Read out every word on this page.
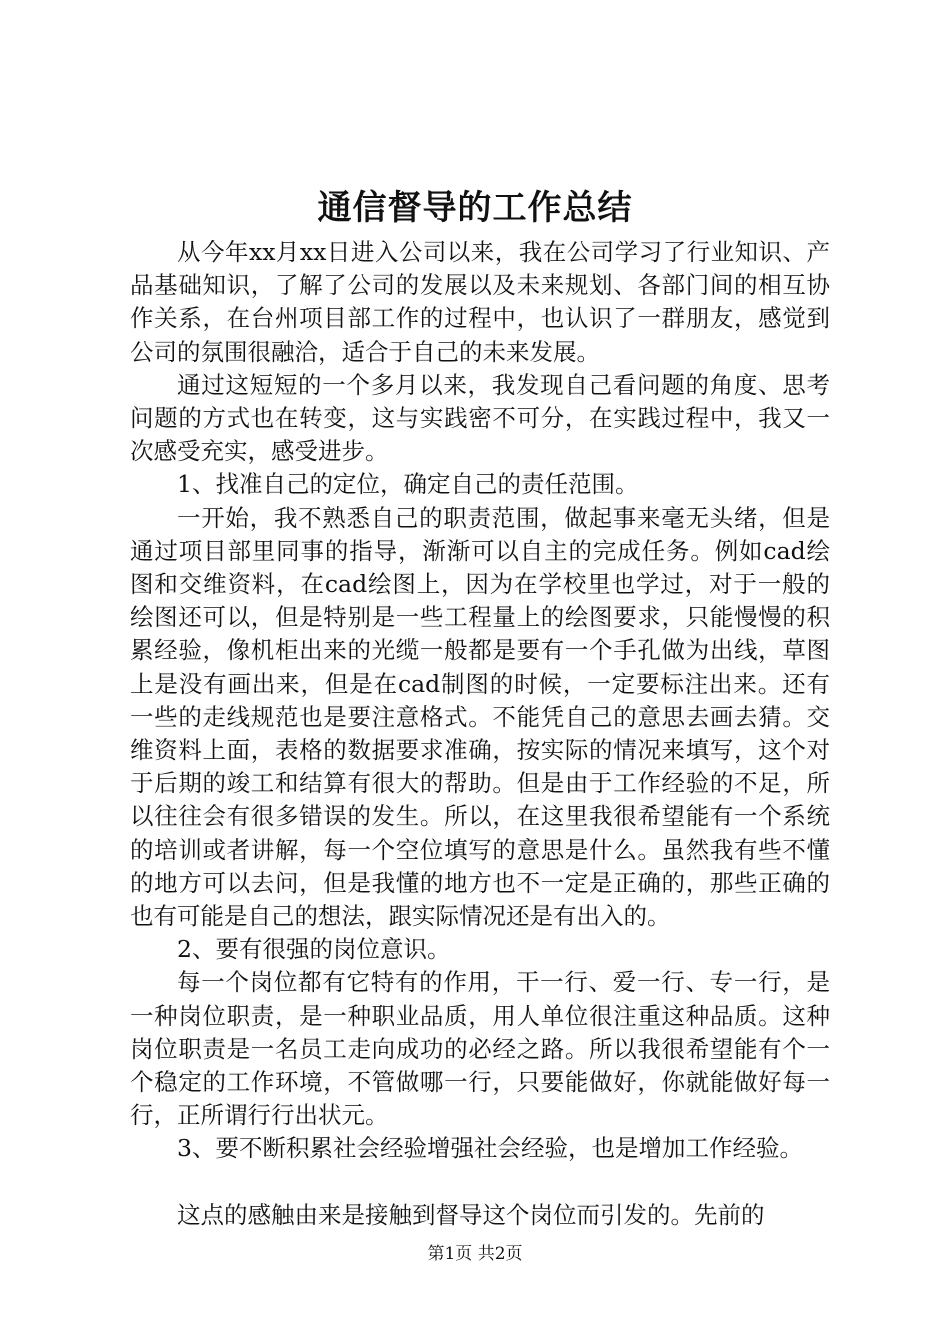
通信督导的工作总结

从今年xx月xx日进入公司以来，我在公司学习了行业知识、产品基础知识，了解了公司的发展以及未来规划、各部门间的相互协作关系，在台州项目部工作的过程中，也认识了一群朋友，感觉到公司的氛围很融洽，适合于自己的未来发展。

通过这短短的一个多月以来，我发现自己看问题的角度、思考问题的方式也在转变，这与实践密不可分，在实践过程中，我又一次感受充实，感受进步。

1、找准自己的定位，确定自己的责任范围。

一开始，我不熟悉自己的职责范围，做起事来毫无头绪，但是通过项目部里同事的指导，渐渐可以自主的完成任务。例如cad绘图和交维资料，在cad绘图上，因为在学校里也学过，对于一般的绘图还可以，但是特别是一些工程量上的绘图要求，只能慢慢的积累经验，像机柜出来的光缆一般都是要有一个手孔做为出线，草图上是没有画出来，但是在cad制图的时候，一定要标注出来。还有一些的走线规范也是要注意格式。不能凭自己的意思去画去猜。交维资料上面，表格的数据要求准确，按实际的情况来填写，这个对于后期的竣工和结算有很大的帮助。但是由于工作经验的不足，所以往往会有很多错误的发生。所以，在这里我很希望能有一个系统的培训或者讲解，每一个空位填写的意思是什么。虽然我有些不懂的地方可以去问，但是我懂的地方也不一定是正确的，那些正确的也有可能是自己的想法，跟实际情况还是有出入的。

2、要有很强的岗位意识。

每一个岗位都有它特有的作用，干一行、爱一行、专一行，是一种岗位职责，是一种职业品质，用人单位很注重这种品质。这种岗位职责是一名员工走向成功的必经之路。所以我很希望能有个一个稳定的工作环境，不管做哪一行，只要能做好，你就能做好每一行，正所谓行行出状元。

3、要不断积累社会经验增强社会经验，也是增加工作经验。

这点的感触由来是接触到督导这个岗位而引发的。先前的

第1页 共2页
